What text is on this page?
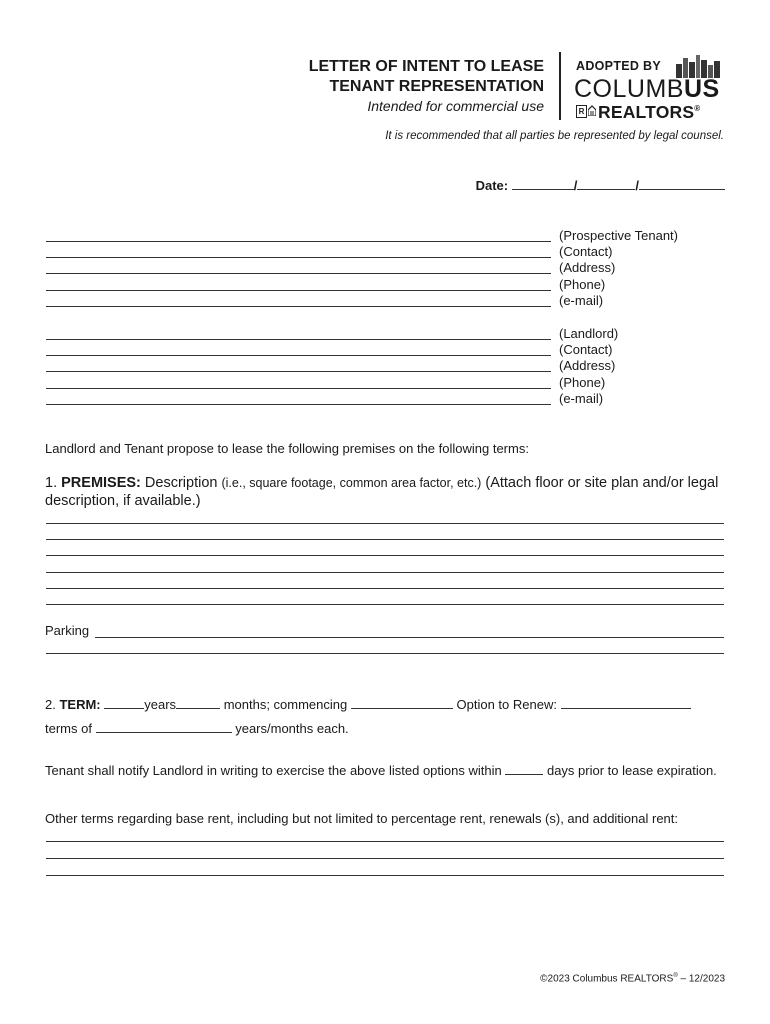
LETTER OF INTENT TO LEASE
TENANT REPRESENTATION
Intended for commercial use
ADOPTED BY
COLUMBUS
R REALTORS®
It is recommended that all parties be represented by legal counsel.
Date:	/	/
(Prospective Tenant)
(Contact)
(Address)
(Phone)
(e-mail)
(Landlord)
(Contact)
(Address)
(Phone)
(e-mail)
Landlord and Tenant propose to lease the following premises on the following terms:
1. PREMISES: Description (i.e., square footage, common area factor, etc.) (Attach floor or site plan and/or legal description, if available.)
Parking
2. TERM:	years	months; commencing	Option to Renew:
terms of	years/months each.
Tenant shall notify Landlord in writing to exercise the above listed options within	days prior to lease expiration.
Other terms regarding base rent, including but not limited to percentage rent, renewals (s), and additional rent:
©2023 Columbus REALTORS® – 12/2023
